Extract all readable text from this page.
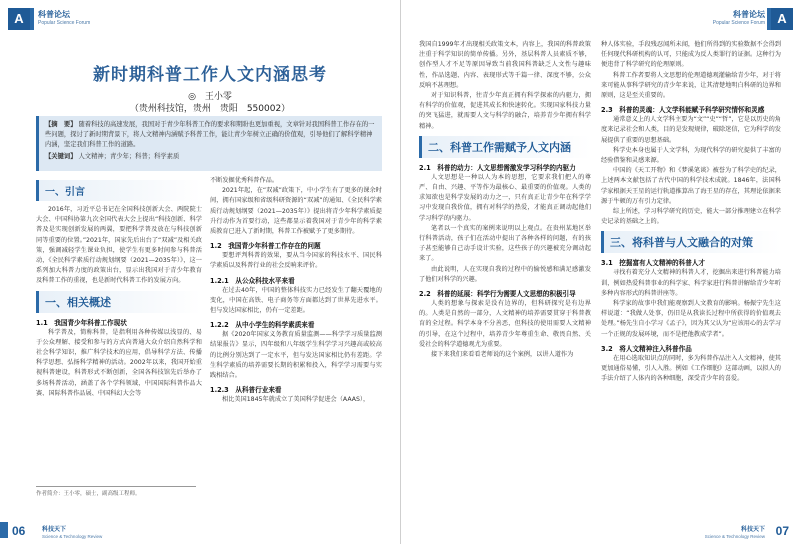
A	科普论坛
Popular Science Forum
新时期科普工作人文内涵思考
◎　王小零
（贵州科技馆，贵州　贵阳　550002）
【摘　要】 随着科技的高速发展，我国对于青少年科普工作的要求和期盼也更加重视，文章针对我国科普工作存在的一些问题，探讨了新时期背景下，将人文精神内涵赋予科普工作，能让青少年树立正确的价值观，引导他们了解科学精神内涵，坚定我们科普工作的道路。
【关键词】 人文精神；青少年；科普；科学素质
一、引言

2016年，习近平总书记在全国科技创新大会、两院院士大会、中国科协第九次全国代表大会上提出“科技创新、科学普及是实现创新发展的两翼，要把科学普及放在与科技创新同等重要的位置。”2021年，国家先后出台了“双减”及相关政策，强调减轻学生课业负担，使学生有更多时间参与科普活动，《全民科学素质行动规划纲要（2021—2035年）》，这一系列加大科普力度的政策出台，显示出我国对于青少年教育及科普工作的重视，也是新时代科普工作的发展方向。

一、相关概述
1.1　我国青少年科普工作现状

科学普及，简称科普，是指利用各种传媒以浅显的、易于公众理解、接受和参与的方式向普通大众介绍自然科学和社会科学知识，推广科学技术的应用，倡导科学方法、传播科学思想、弘扬科学精神的活动。2002年以来，我国开始重视科普建设，科普形式不断创新，全国各科技馆先后举办了多场科普活动，涵盖了各个学科领域，中国国际科普作品大赛、国际科普作品展、中国科幻大会等

不断发掘优秀科普作品。

2021年起，在“双减”政策下，中小学生有了更多的课余时间，拥有国家级和省级科研资源的“双减”的通知、《全民科学素质行动规划纲要（2021—2035年）》提出将青少年科学素质提升行动作为首要行动，这些都显示着我国对于青少年的科学素质教育已进入了新时期，科普工作被赋予了更多期待。

1.2　我国青少年科普工作存在的问题

要想评判科普的效果，要从当今国家的科技水平、国民科学素质以及科普行业的社会反响来评价。

1.2.1　从公众科技水平来看

在过去40年，中国的整体科技实力已经发生了翻天覆地的变化，中国在高铁、电子商务等方面都达到了世界先进水平。但与发达国家相比，仍有一定差距。

1.2.2　从中小学生的科学素质来看

据《2020年国家义务教育质量监测——科学学习质量监测结果报告》显示，四年级和八年级学生科学学习兴趣高或较高的比例分别达到了一定水平，但与发达国家相比仍有差距。学生科学素质的培养需要长期的积累和投入，科学学习需要与实践相结合。

1.2.3　从科普行业来看

相比美国1845年就成立了美国科学促进会（AAAS），

作者简介：王小零，硕士，副高级工程师。
06	科技天下
Science & Technology Review
科普论坛
Popular Science Forum A

我国自1999年才出现相关政策文本，内容上，我国的科普政策注重于科学知识的简单传播。另外，基层科普人员素质不够，创作型人才不足等原因导致当前我国科普缺乏人文性与趣味性，作品选题、内容、表现形式等千篇一律、深度不够，公众反响不甚理想。

对于知识科普，往青少年真正拥有科学探索的内驱力，拥有科学的价值观，促进其成长和快速转化。实现国家科技力量的突飞猛进，就需要人文与科学的融合，培养青少年拥有科学精神。

二、科普工作需赋予人文内涵
2.1　科普的动力：人文思想需激发学习科学的内驱力

人文思想是一种以人为本的思想，它要求我们把人的尊严、自由、兴趣、平等作为最核心、最重要的价值观。人类的求知欲也是科学发展的动力之一，只有真正让青少年在科学学习中发现自我价值，拥有对科学的热爱，才能真正调动起他们学习科学的内驱力。

笔者以一个真实的案例来说明以上观点。在贵州某地区举行科普活动，孩子们在活动中提出了各种各样的问题，有的孩子甚至能够自己动手设计实验，这些孩子的兴趣被充分调动起来了。

由此说明，人在实现自我的过程中的愉悦感和满足感激发了他们对科学的兴趣。

2.2　科普的延展：科学行为需要人文思想的积极引导

人类的想象与探索是没有边界的，但科研探究是有边界的。人类是自然的一部分，人文精神的培养需要贯穿于科普教育的全过程。科学本身不分善恶，但科技的使用需要人文精神的引导，在这个过程中，培养青少年尊重生命、敬畏自然、关爱社会的科学道德观尤为重要。

接下来我们来看看老师说的这个案例，以讲人道作为

种人体实验，手段残忍闻所未闻，他们所得到的实验数据不会得到任何现代科研机构的认可，只能成为反人类罪行的证据。这种行为便违背了科学研究的伦理原则。

科普工作者要将人文思想的伦理道德观灌输给青少年，对于将来可能从事科学研究的青少年来说，让其清楚地明白科研的边界和原则，这是至关重要的。

2.3　科普的灵魂：人文学科能赋予科学研究情怀和灵感

通常意义上的人文学科主要为“文”“史”“哲”，它是以历史的角度来记录社会和人类，目的是发现规律，破除迷信，它为科学的发展提供了重要的思想基础。

科学史本身也属于人文学科，为现代科学的研究提供了丰富的经验借鉴和灵感来源。

中国的《天工开物》和《梦溪笔谈》被誉为了科学史的纪录，上述两本文献包括了古代中国的科学技术成就。1846年，法国科学家根据天王星的运行轨道推算出了海王星的存在，其理论依据来源于牛顿的万有引力定律。

综上所述，学习科学研究的历史，能大一部分推理建立在科学史记录的基础之上的。

三、将科普与人文融合的对策
3.1　挖掘富有人文精神的科普人才

寻找有着充分人文精神的科普人才，挖掘出来进行科普能力培训，例如热爱科普事业的科学家、科学家进行科普讲解给青少年听多种内容形式的科普讲座等。

科学家的故事中我们能观察到人文教育的影响。杨振宁先生这样说道：“我做人处事，仍旧是从我读长过程中所获得的价值观去处理。”杨先生自小学习《孟子》，因为其父认为“应该用心的去学习一个正规的发展环境，而不是把他教成学者”。

3.2　将人文精神注入科普作品

在用心选取知识点的同时，多为科普作品注入人文精神，使其更加通俗易懂，引人入胜。例如《工作细胞》这部动画，以拟人的手法介绍了人体内的各种细胞，深受青少年的喜爱。

科技天下
Science & Technology Review 07
